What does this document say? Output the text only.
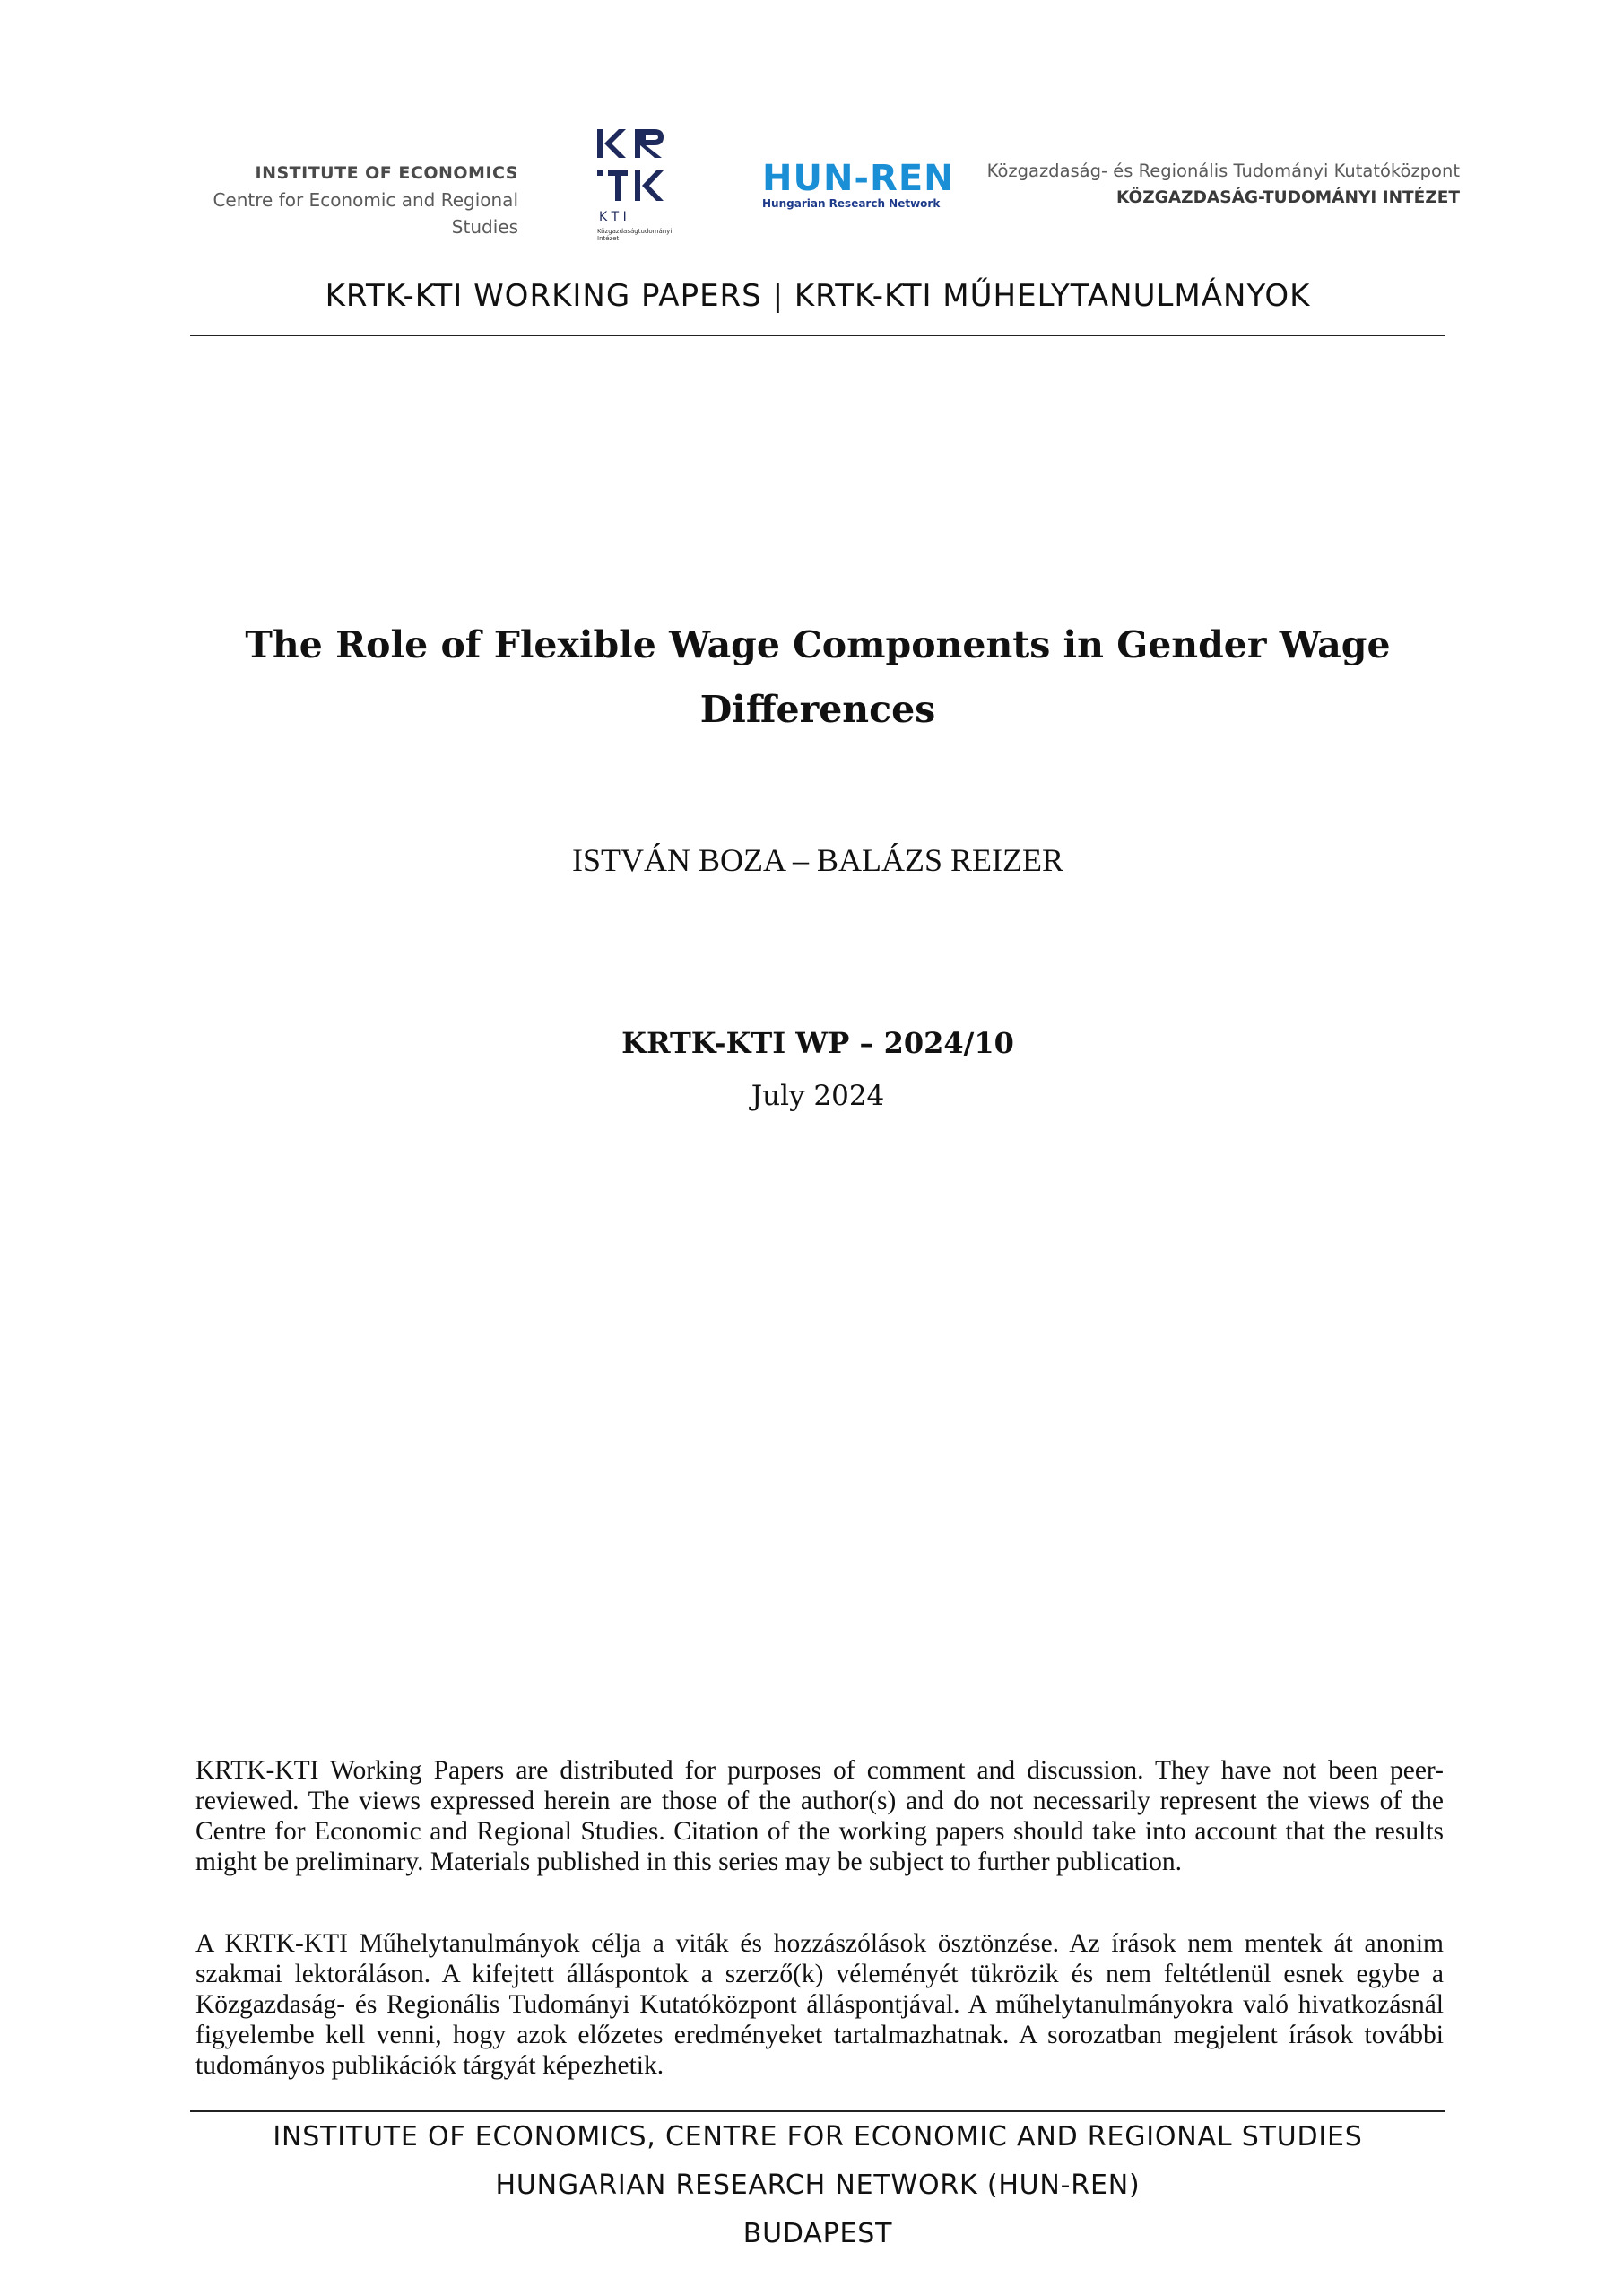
INSTITUTE OF ECONOMICS
Centre for Economic and Regional Studies	K T I
Közgazdaságtudományi Intézet
HUN-REN
Hungarian Research Network
Közgazdaság- és Regionális Tudományi Kutatóközpont
KÖZGAZDASÁG-TUDOMÁNYI INTÉZET
KRTK-KTI WORKING PAPERS | KRTK-KTI MŰHELYTANULMÁNYOK
The Role of Flexible Wage Components in Gender Wage
Differences
ISTVÁN BOZA – BALÁZS REIZER
KRTK-KTI WP – 2024/10
July 2024

KRTK-KTI Working Papers are distributed for purposes of comment and discussion. They have not been peer-reviewed. The views expressed herein are those of the author(s) and do not necessarily represent the views of the Centre for Economic and Regional Studies. Citation of the working papers should take into account that the results might be preliminary. Materials published in this series may be subject to further publication.

A KRTK-KTI Műhelytanulmányok célja a viták és hozzászólások ösztönzése. Az írások nem mentek át anonim szakmai lektoráláson. A kifejtett álláspontok a szerző(k) véleményét tükrözik és nem feltétlenül esnek egybe a Közgazdaság- és Regionális Tudományi Kutatóközpont álláspontjával. A műhelytanulmányokra való hivatkozásnál figyelembe kell venni, hogy azok előzetes eredményeket tartalmazhatnak. A sorozatban megjelent írások további tudományos publikációk tárgyát képezhetik.

INSTITUTE OF ECONOMICS, CENTRE FOR ECONOMIC AND REGIONAL STUDIES
HUNGARIAN RESEARCH NETWORK (HUN-REN)
BUDAPEST
